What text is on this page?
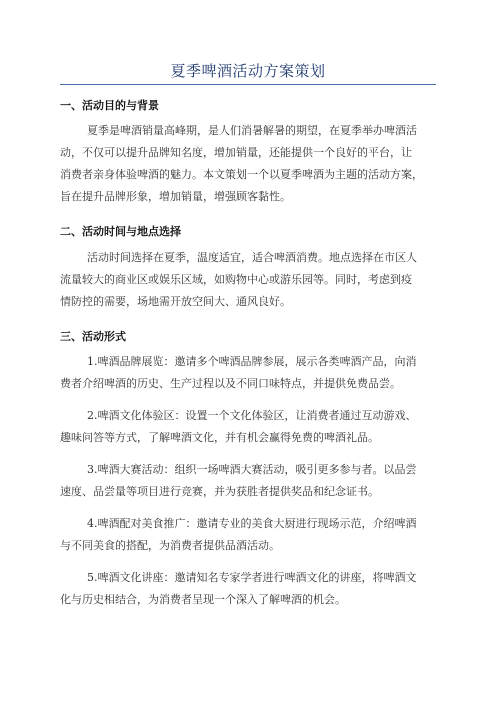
夏季啤酒活动方案策划
一、活动目的与背景
夏季是啤酒销量高峰期，是人们消暑解暑的期望，在夏季举办啤酒活
动，不仅可以提升品牌知名度，增加销量，还能提供一个良好的平台，让
消费者亲身体验啤酒的魅力。本文策划一个以夏季啤酒为主题的活动方案，
旨在提升品牌形象，增加销量，增强顾客黏性。
二、活动时间与地点选择
活动时间选择在夏季，温度适宜，适合啤酒消费。地点选择在市区人
流量较大的商业区或娱乐区域，如购物中心或游乐园等。同时，考虑到疫
情防控的需要，场地需开放空间大、通风良好。
三、活动形式
1.啤酒品牌展览：邀请多个啤酒品牌参展，展示各类啤酒产品，向消
费者介绍啤酒的历史、生产过程以及不同口味特点，并提供免费品尝。
2.啤酒文化体验区：设置一个文化体验区，让消费者通过互动游戏、
趣味问答等方式，了解啤酒文化，并有机会赢得免费的啤酒礼品。
3.啤酒大赛活动：组织一场啤酒大赛活动，吸引更多参与者。以品尝
速度、品尝量等项目进行竞赛，并为获胜者提供奖品和纪念证书。
4.啤酒配对美食推广：邀请专业的美食大厨进行现场示范，介绍啤酒
与不同美食的搭配，为消费者提供品酒活动。
5.啤酒文化讲座：邀请知名专家学者进行啤酒文化的讲座，将啤酒文
化与历史相结合，为消费者呈现一个深入了解啤酒的机会。
